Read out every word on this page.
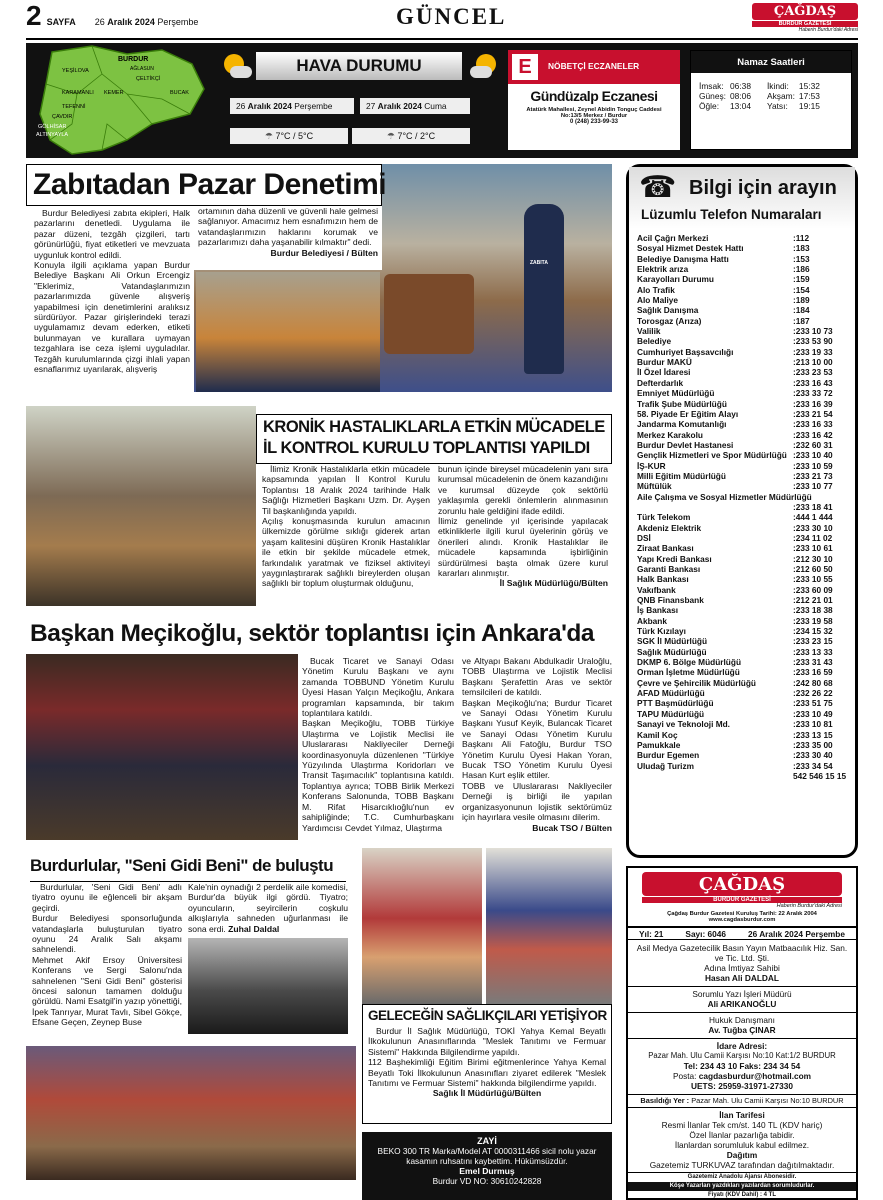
2 SAYFA 26 Aralık 2024 Perşembe	GÜNCEL	ÇAĞDAŞ
BURDUR GAZETESİ
Haberin Burdur'daki Adresi
BURDUR
AĞLASUN
YEŞİLOVA
ÇELTİKÇİ
KARAMANLI KEMER	BUCAK
TEFENNİ
ÇAVDIR
GÖLHİSAR
ALTINYAYLA
HAVA DURUMU
26 Aralık 2024 Perşembe	27 Aralık 2024 Cuma
☂ 7°C / 5°C	☂ 7°C / 2°C
E	NÖBETÇİ ECZANELER
Gündüzalp Eczanesi
Atatürk Mahallesi, Zeynel Abidin Tonguç Caddesi
No:13/5 Merkez / Burdur
0 (248) 233-99-33
Namaz Saatleri
İmsak:	06:38		İkindi:	15:32
Güneş:	08:06		Akşam:	17:53
Öğle:	13:04		Yatsı:	19:15
ZABITA
Zabıtadan Pazar Denetimi

Burdur Belediyesi zabıta ekipleri, Halk pazarlarını denetledi. Uygulama ile pazar düzeni, tezgâh çizgileri, tartı görünürlüğü, fiyat etiketleri ve mevzuata uygunluk kontrol edildi.
Konuyla ilgili açıklama yapan Burdur Belediye Başkanı Ali Orkun Ercengiz "Eklerimiz, Vatandaşlarımızın pazarlarımızda güvenle alışveriş yapabilmesi için denetimlerini aralıksız sürdürüyor. Pazar girişlerindeki terazi uygulamamız devam ederken, etiketi bulunmayan ve kurallara uymayan tezgahlara ise ceza işlemi uyguladılar. Tezgâh kurulumlarında çizgi ihlali yapan esnaflarımız uyarılarak, alışveriş

ortamının daha düzenli ve güvenli hale gelmesi sağlanıyor. Amacımız hem esnafımızın hem de vatandaşlarımızın haklarını korumak ve pazarlarımızı daha yaşanabilir kılmaktır" dedi.

Burdur Belediyesi / Bülten
KRONİK HASTALIKLARLA ETKİN MÜCADELE
İL KONTROL KURULU TOPLANTISI YAPILDI

İlimiz Kronik Hastalıklarla etkin mücadele kapsamında yapılan İl Kontrol Kurulu Toplantısı 18 Aralık 2024 tarihinde Halk Sağlığı Hizmetleri Başkanı Uzm. Dr. Ayşen Til başkanlığında yapıldı.
Açılış konuşmasında kurulun amacının ülkemizde görülme sıklığı giderek artan yaşam kalitesini düşüren Kronik Hastalıklar ile etkin bir şekilde mücadele etmek, farkındalık yaratmak ve fiziksel aktiviteyi yaygınlaştırarak sağlıklı bireylerden oluşan sağlıklı bir toplum oluşturmak olduğunu,

bunun içinde bireysel mücadelenin yanı sıra kurumsal mücadelenin de önem kazandığını ve kurumsal düzeyde çok sektörlü yaklaşımla gerekli önlemlerin alınmasının zorunlu hale geldiğini ifade edildi.
İlimiz genelinde yıl içerisinde yapılacak etkinliklerle ilgili kurul üyelerinin görüş ve önerileri alındı. Kronik Hastalıklar ile mücadele kapsamında işbirliğinin sürdürülmesi başta olmak üzere kurul kararları alınmıştır.

İl Sağlık Müdürlüğü/Bülten
Başkan Meçikoğlu, sektör toplantısı için Ankara'da

Bucak Ticaret ve Sanayi Odası Yönetim Kurulu Başkanı ve aynı zamanda TOBBUND Yönetim Kurulu Üyesi Hasan Yalçın Meçikoğlu, Ankara programları kapsamında, bir takım toplantılara katıldı.
Başkan Meçikoğlu, TOBB Türkiye Ulaştırma ve Lojistik Meclisi ile Uluslararası Nakliyeciler Derneği koordinasyonuyla düzenlenen "Türkiye Yüzyılında Ulaştırma Koridorları ve Transit Taşımacılık" toplantısına katıldı. Toplantıya ayrıca; TOBB Birlik Merkezi Konferans Salonunda, TOBB Başkanı M. Rifat Hisarcıklıoğlu'nun ev sahipliğinde; T.C. Cumhurbaşkanı Yardımcısı Cevdet Yılmaz, Ulaştırma

ve Altyapı Bakanı Abdulkadir Uraloğlu, TOBB Ulaştırma ve Lojistik Meclisi Başkanı Şerafettin Aras ve sektör temsilcileri de katıldı.
Başkan Meçikoğlu'na; Burdur Ticaret ve Sanayi Odası Yönetim Kurulu Başkanı Yusuf Keyik, Bulancak Ticaret ve Sanayi Odası Yönetim Kurulu Başkanı Ali Fatoğlu, Burdur TSO Yönetim Kurulu Üyesi Hakan Yoran, Bucak TSO Yönetim Kurulu Üyesi Hasan Kurt eşlik ettiler.
TOBB ve Uluslararası Nakliyeciler Derneği iş birliği ile yapılan organizasyonunun lojistik sektörümüz için hayırlara vesile olmasını dilerim.

Bucak TSO / Bülten
Burdurlular, "Seni Gidi Beni" de buluştu

Burdurlular, 'Seni Gidi Beni' adlı tiyatro oyunu ile eğlenceli bir akşam geçirdi.
Burdur Belediyesi sponsorluğunda vatandaşlarla buluşturulan tiyatro oyunu 24 Aralık Salı akşamı sahnelendi.
Mehmet Akif Ersoy Üniversitesi Konferans ve Sergi Salonu'nda sahnelenen "Seni Gidi Beni" gösterisi öncesi salonun tamamen dolduğu görüldü. Nami Esatgil'in yazıp yönettiği, İpek Tanrıyar, Murat Tavlı, Sibel Gökçe, Efsane Geçen, Zeynep Buse

Kale'nin oynadığı 2 perdelik aile komedisi, Burdur'da büyük ilgi gördü. Tiyatro; oyuncuların, seyircilerin coşkulu alkışlarıyla sahneden uğurlanması ile sona erdi. Zuhal Daldal

GELECEĞİN SAĞLIKÇILARI YETİŞİYOR

Burdur İl Sağlık Müdürlüğü, TOKİ Yahya Kemal Beyatlı İlkokulunun Anasınıflarında "Meslek Tanıtımı ve Fermuar Sistemi" Hakkında Bilgilendirme yapıldı.
112 Başhekimliği Eğitim Birimi eğitmenlerince Yahya Kemal Beyatlı Toki İlkokulunun Anasınıfları ziyaret edilerek "Meslek Tanıtımı ve Fermuar Sistemi" hakkında bilgilendirme yapıldı.

Sağlık İl Müdürlüğü/Bülten
ZAYİ
BEKO 300 TR Marka/Model AT 0000311466 sicil nolu yazar kasamın ruhsatını kaybettim. Hükümsüzdür.
Emel Durmuş
Burdur VD NO: 30610242828
☎ Bilgi için arayın
Lüzumlu Telefon Numaraları
Acil Çağrı Merkezi	:112
Sosyal Hizmet Destek Hattı	:183
Belediye Danışma Hattı	:153
Elektrik arıza	:186
Karayolları Durumu	:159
Alo Trafik	:154
Alo Maliye	:189
Sağlık Danışma	:184
Torosgaz (Arıza)	:187
Valilik	:233 10 73
Belediye	:233 53 90
Cumhuriyet Başsavcılığı	:233 19 33
Burdur MAKÜ	:213 10 00
İl Özel İdaresi	:233 23 53
Defterdarlık	:233 16 43
Emniyet Müdürlüğü	:233 33 72
Trafik Şube Müdürlüğü	:233 16 39
58. Piyade Er Eğitim Alayı	:233 21 54
Jandarma Komutanlığı	:233 16 33
Merkez Karakolu	:233 16 42
Burdur Devlet Hastanesi	:232 60 31
Gençlik Hizmetleri ve Spor Müdürlüğü :233 10 40
İŞ-KUR	:233 10 59
Milli Eğitim Müdürlüğü	:233 21 73
Müftülük	:233 10 77
Aile Çalışma ve Sosyal Hizmetler Müdürlüğü
:233 18 41
Türk Telekom	:444 1 444
Akdeniz Elektrik	:233 30 10
DSİ	:234 11 02
Ziraat Bankası	:233 10 61
Yapı Kredi Bankası	:212 30 10
Garanti Bankası	:212 60 50
Halk Bankası	:233 10 55
Vakıfbank	:233 60 09
QNB Finansbank	:212 21 01
İş Bankası	:233 18 38
Akbank	:233 19 58
Türk Kızılayı	:234 15 32
SGK İl Müdürlüğü	:233 23 15
Sağlık Müdürlüğü	:233 13 33
DKMP 6. Bölge Müdürlüğü	:233 31 43
Orman İşletme Müdürlüğü	:233 16 59
Çevre ve Şehircilik Müdürlüğü	:242 80 68
AFAD Müdürlüğü	:232 26 22
PTT Başmüdürlüğü	:233 51 75
TAPU Müdürlüğü	:233 10 49
Sanayi ve Teknoloji Md.	:233 10 81
Kamil Koç	:233 13 15
Pamukkale	:233 35 00
Burdur Egemen	:233 30 40
Uludağ Turizm	:233 34 54
542 546 15 15
ÇAĞDAŞ
BURDUR GAZETESİ
Haberin Burdur'daki Adresi
Çağdaş Burdur Gazetesi Kuruluş Tarihi: 22 Aralık 2004
www.cagdasburdur.com
Yıl: 21	Sayı: 6046	26 Aralık 2024 Perşembe
Asil Medya Gazetecilik Basın Yayın Matbaacılık Hiz. San. ve Tic. Ltd. Şti.
Adına İmtiyaz Sahibi
Hasan Ali DALDAL
Sorumlu Yazı İşleri Müdürü
Ali ARIKANOĞLU
Hukuk Danışmanı
Av. Tuğba ÇINAR
İdare Adresi:
Pazar Mah. Ulu Camii Karşısı No:10 Kat:1/2 BURDUR
Tel: 234 43 10 Faks: 234 34 54
Posta: cagdasburdur@hotmail.com
UETS: 25959-31971-27330
Basıldığı Yer : Pazar Mah. Ulu Camii Karşısı No:10 BURDUR
İlan Tarifesi
Resmi İlanlar Tek cm/st. 140 TL (KDV hariç)
Özel İlanlar pazarlığa tabidir.
İlanlardan sorumluluk kabul edilmez.
Dağıtım
Gazetemiz TURKUVAZ tarafından dağıtılmaktadır.
Gazetemiz Anadolu Ajansı Abonesidir.
Köşe Yazarları yazdıkları yazılardan sorumludurlar.
Fiyatı (KDV Dahil) : 4 TL
